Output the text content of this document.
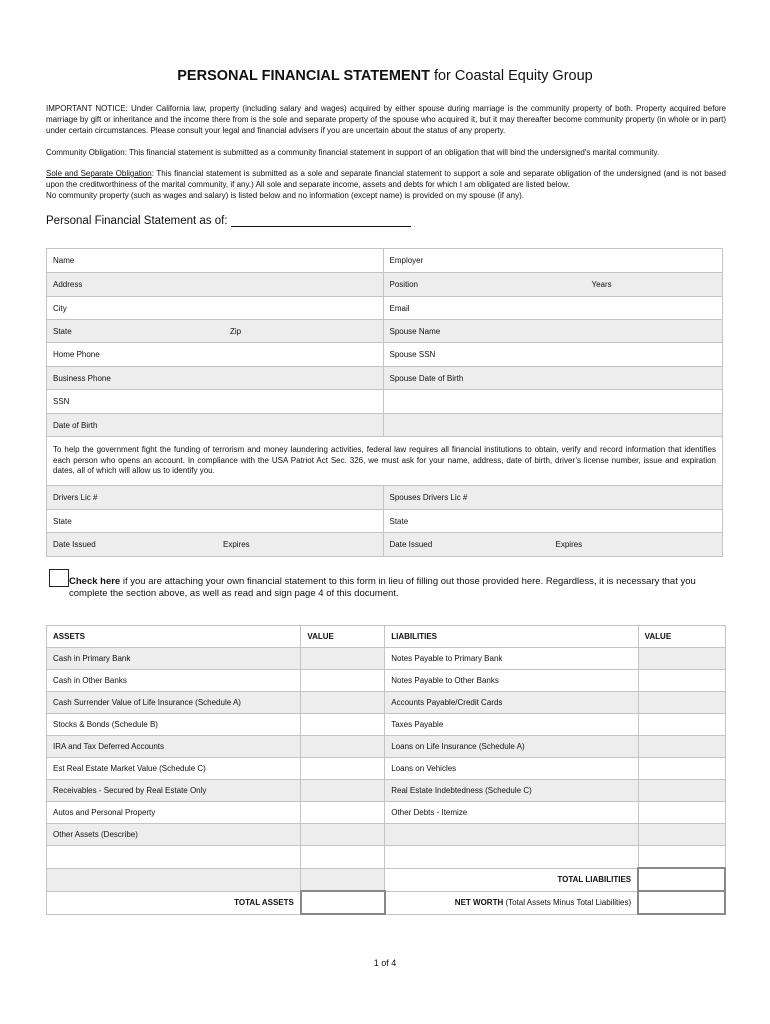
PERSONAL FINANCIAL STATEMENT for Coastal Equity Group
IMPORTANT NOTICE: Under California law, property (including salary and wages) acquired by either spouse during marriage is the community property of both. Property acquired before marriage by gift or inheritance and the income there from is the sole and separate property of the spouse who acquired it, but it may thereafter become community property (in whole or in part) under certain circumstances. Please consult your legal and financial advisers if you are uncertain about the status of any property.
Community Obligation: This financial statement is submitted as a community financial statement in support of an obligation that will bind the undersigned's marital community.
Sole and Separate Obligation: This financial statement is submitted as a sole and separate financial statement to support a sole and separate obligation of the undersigned (and is not based upon the creditworthiness of the marital community, if any.) All sole and separate income, assets and debts for which I am obligated are listed below.
No community property (such as wages and salary) is listed below and no information (except name) is provided on my spouse (if any).
Personal Financial Statement as of:
Name	Employer
Address	Position Years

City	Email
State Zip	Spouse Name
Home Phone	Spouse SSN
Business Phone	Spouse Date of Birth
SSN	
Date of Birth	
To help the government fight the funding of terrorism and money laundering activities, federal law requires all financial institutions to obtain, verify and record information that identifies each person who opens an account. In compliance with the USA Patriot Act Sec. 326, we must ask for your name, address, date of birth, driver’s license number, issue and expiration dates, all of which will allow us to identify you.	
Drivers Lic #	Spouses Drivers Lic #
State	State
Date Issued Expires	Date Issued Expires
Check here if you are attaching your own financial statement to this form in lieu of filling out those provided here. Regardless, it is necessary that you complete the section above, as well as read and sign page 4 of this document.
ASSETS	VALUE	LIABILITIES	VALUE
Cash in Primary Bank		Notes Payable to Primary Bank	
Cash in Other Banks		Notes Payable to Other Banks	
Cash Surrender Value of Life Insurance (Schedule A)		Accounts Payable/Credit Cards	
Stocks & Bonds (Schedule B)		Taxes Payable	
IRA and Tax Deferred Accounts		Loans on Life Insurance (Schedule A)	
Est Real Estate Market Value (Schedule C)		Loans on Vehicles	
Receivables - Secured by Real Estate Only		Real Estate Indebtedness (Schedule C)	
Autos and Personal Property		Other Debts - Itemize	
Other Assets (Describe)			

		TOTAL LIABILITIES	
TOTAL ASSETS		NET WORTH (Total Assets Minus Total Liabilities)	
1 of 4
